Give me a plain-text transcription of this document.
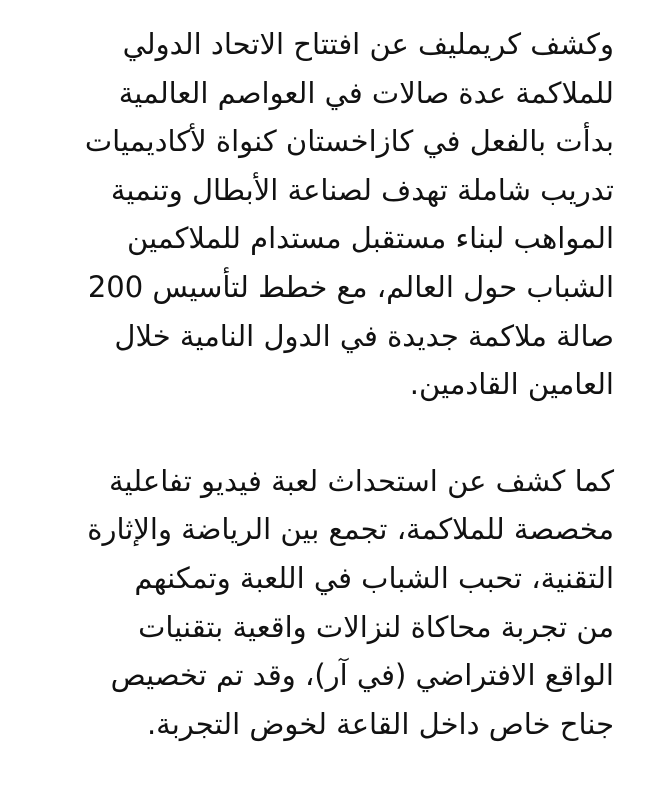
وكشف كريمليف عن افتتاح الاتحاد الدولي
للملاكمة عدة صالات في العواصم العالمية
بدأت بالفعل في كازاخستان كنواة لأكاديميات
تدريب شاملة تهدف لصناعة الأبطال وتنمية
المواهب لبناء مستقبل مستدام للملاكمين
الشباب حول العالم، مع خطط لتأسيس 200
صالة ملاكمة جديدة في الدول النامية خلال
العامين القادمين.

كما كشف عن استحداث لعبة فيديو تفاعلية
مخصصة للملاكمة، تجمع بين الرياضة والإثارة
التقنية، تحبب الشباب في اللعبة وتمكنهم
من تجربة محاكاة لنزالات واقعية بتقنيات
الواقع الافتراضي (في آر)، وقد تم تخصيص
جناح خاص داخل القاعة لخوض التجربة.
